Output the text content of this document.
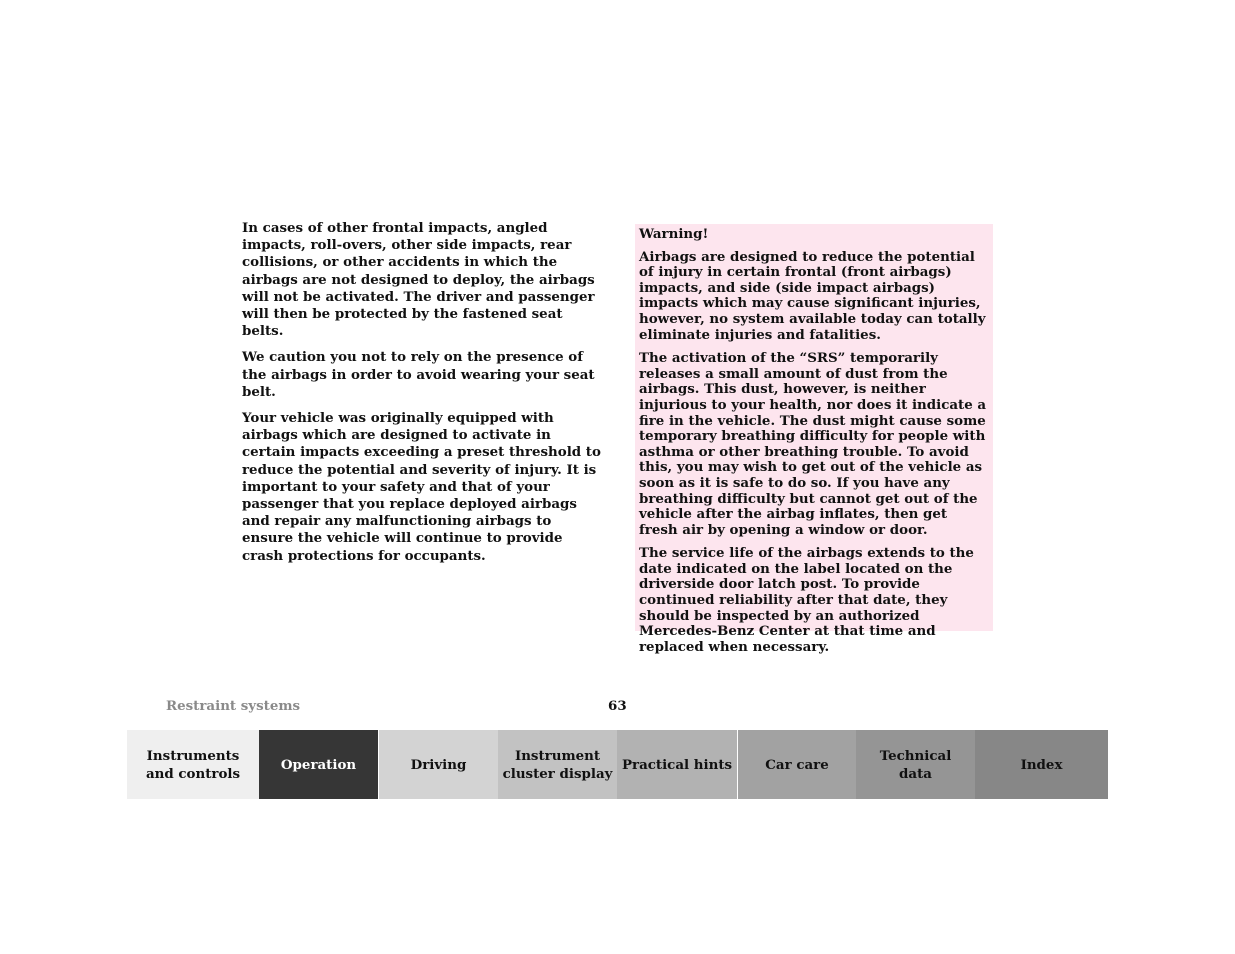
In cases of other frontal impacts, angled impacts, roll-overs, other side impacts, rear collisions, or other accidents in which the airbags are not designed to deploy, the airbags will not be activated. The driver and passenger will then be protected by the fastened seat belts.

We caution you not to rely on the presence of the airbags in order to avoid wearing your seat belt.

Your vehicle was originally equipped with airbags which are designed to activate in certain impacts exceeding a preset threshold to reduce the potential and severity of injury. It is important to your safety and that of your passenger that you replace deployed airbags and repair any malfunctioning airbags to ensure the vehicle will continue to provide crash protections for occupants.

Warning!

Airbags are designed to reduce the potential of injury in certain frontal (front airbags) impacts, and side (side impact airbags) impacts which may cause significant injuries, however, no system available today can totally eliminate injuries and fatalities.

The activation of the “SRS” temporarily releases a small amount of dust from the airbags. This dust, however, is neither injurious to your health, nor does it indicate a fire in the vehicle. The dust might cause some temporary breathing difficulty for people with asthma or other breathing trouble. To avoid this, you may wish to get out of the vehicle as soon as it is safe to do so. If you have any breathing difficulty but cannot get out of the vehicle after the airbag inflates, then get fresh air by opening a window or door.

The service life of the airbags extends to the date indicated on the label located on the driverside door latch post. To provide continued reliability after that date, they should be inspected by an authorized Mercedes-Benz Center at that time and replaced when necessary.

Restraint systems	63
Instruments
and controls
Operation	Driving
Instrument
cluster display
Practical hints Car care
Technical
data
Index
